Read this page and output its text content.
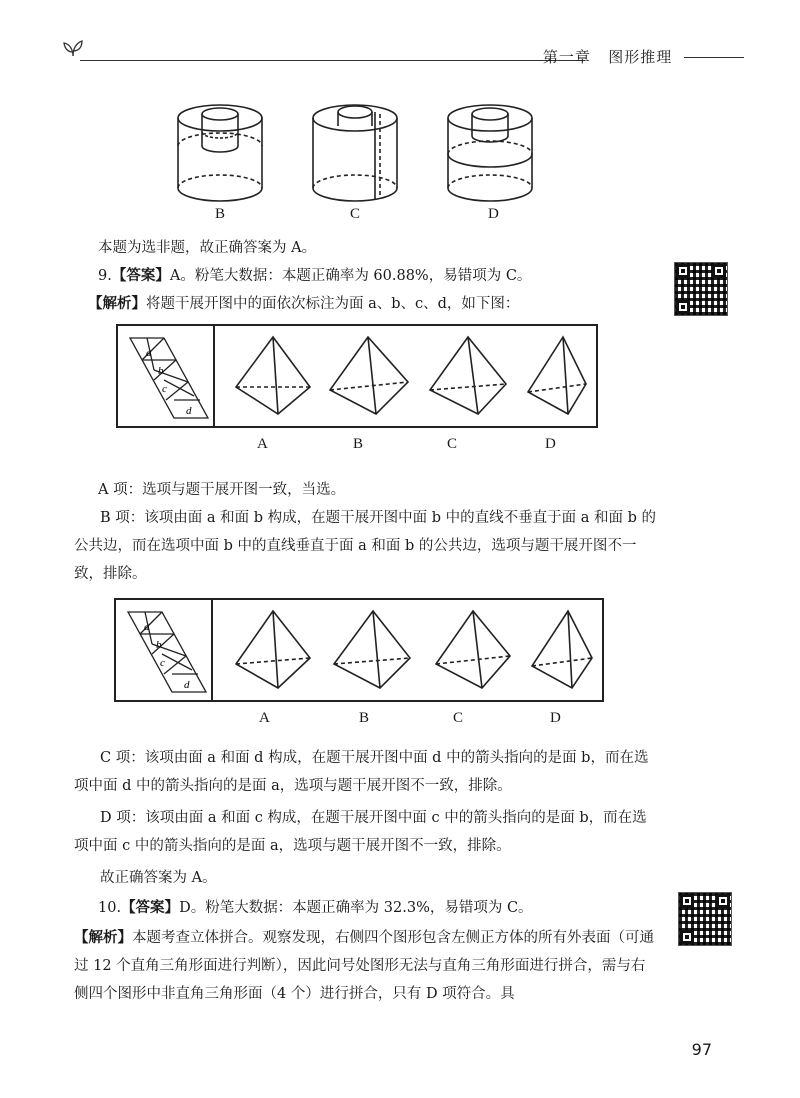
第一章 图形推理
B	C	D
本题为选非题，故正确答案为 A。
9.【答案】A。粉笔大数据：本题正确率为 60.88%，易错项为 C。
【解析】将题干展开图中的面依次标注为面 a、b、c、d，如下图：
a
b
c
d
A	B	C	D
A 项：选项与题干展开图一致，当选。
B 项：该项由面 a 和面 b 构成，在题干展开图中面 b 中的直线不垂直于面 a 和面 b 的公共边，而在选项中面 b 中的直线垂直于面 a 和面 b 的公共边，选项与题干展开图不一致，排除。
a
b
c
d
A	B	C	D
C 项：该项由面 a 和面 d 构成，在题干展开图中面 d 中的箭头指向的是面 b，而在选项中面 d 中的箭头指向的是面 a，选项与题干展开图不一致，排除。
D 项：该项由面 a 和面 c 构成，在题干展开图中面 c 中的箭头指向的是面 b，而在选项中面 c 中的箭头指向的是面 a，选项与题干展开图不一致，排除。
故正确答案为 A。
10.【答案】D。粉笔大数据：本题正确率为 32.3%，易错项为 C。
【解析】本题考查立体拼合。观察发现，右侧四个图形包含左侧正方体的所有外表面（可通过 12 个直角三角形面进行判断），因此问号处图形无法与直角三角形面进行拼合，需与右侧四个图形中非直角三角形面（4 个）进行拼合，只有 D 项符合。具
97
